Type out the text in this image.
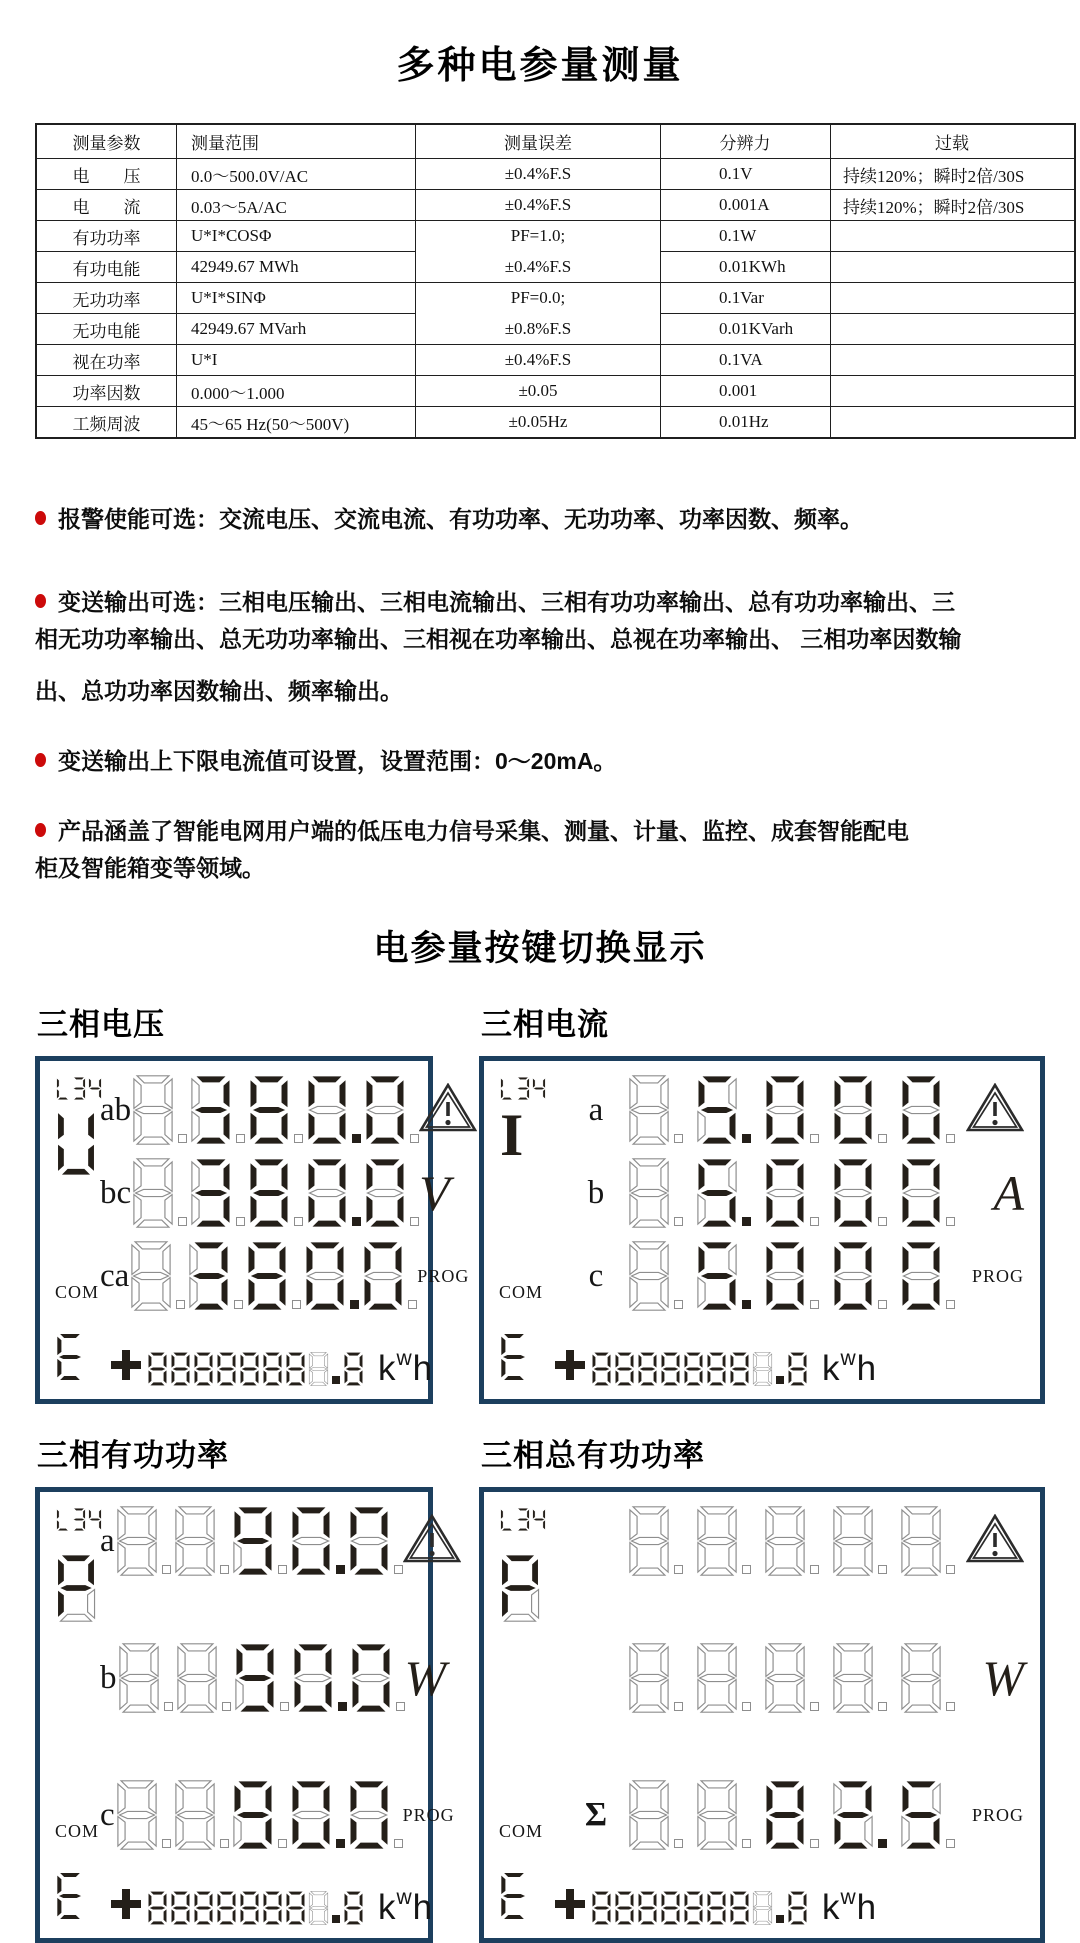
多种电参量测量
测量参数	测量范围	测量误差	分辨力	过载
电　　压	0.0～500.0V/AC	±0.4%F.S	0.1V	持续120%；瞬时2倍/30S
电　　流	0.03～5A/AC	±0.4%F.S	0.001A	持续120%；瞬时2倍/30S
有功功率	U*I*COSΦ	PF=1.0;	0.1W	
有功电能	42949.67 MWh	±0.4%F.S	0.01KWh	
无功功率	U*I*SINΦ	PF=0.0;	0.1Var	
无功电能	42949.67 MVarh	±0.8%F.S	0.01KVarh	
视在功率	U*I	±0.4%F.S	0.1VA	
功率因数	0.000～1.000	±0.05	0.001	
工频周波	45～65 Hz(50～500V)	±0.05Hz	0.01Hz	
报警使能可选：交流电压、交流电流、有功功率、无功功率、功率因数、频率。
变送输出可选：三相电压输出、三相电流输出、三相有功功率输出、总有功功率输出、三
相无功功率输出、总无功功率输出、三相视在功率输出、总视在功率输出、 三相功率因数输
出、总功功率因数输出、频率输出。
变送输出上下限电流值可设置，设置范围：0～20mA。
产品涵盖了智能电网用户端的低压电力信号采集、测量、计量、监控、成套智能配电
柜及智能箱变等领域。
电参量按键切换显示
三相电压
ab
bc	V
ca	PROG
COM
k w h
三相电流
I	a
b	A
c	PROG
COM
k w h
三相有功功率
a
b	W
c	PROG
COM
k w h
三相总有功功率
W
Σ	PROG
COM
k w h
